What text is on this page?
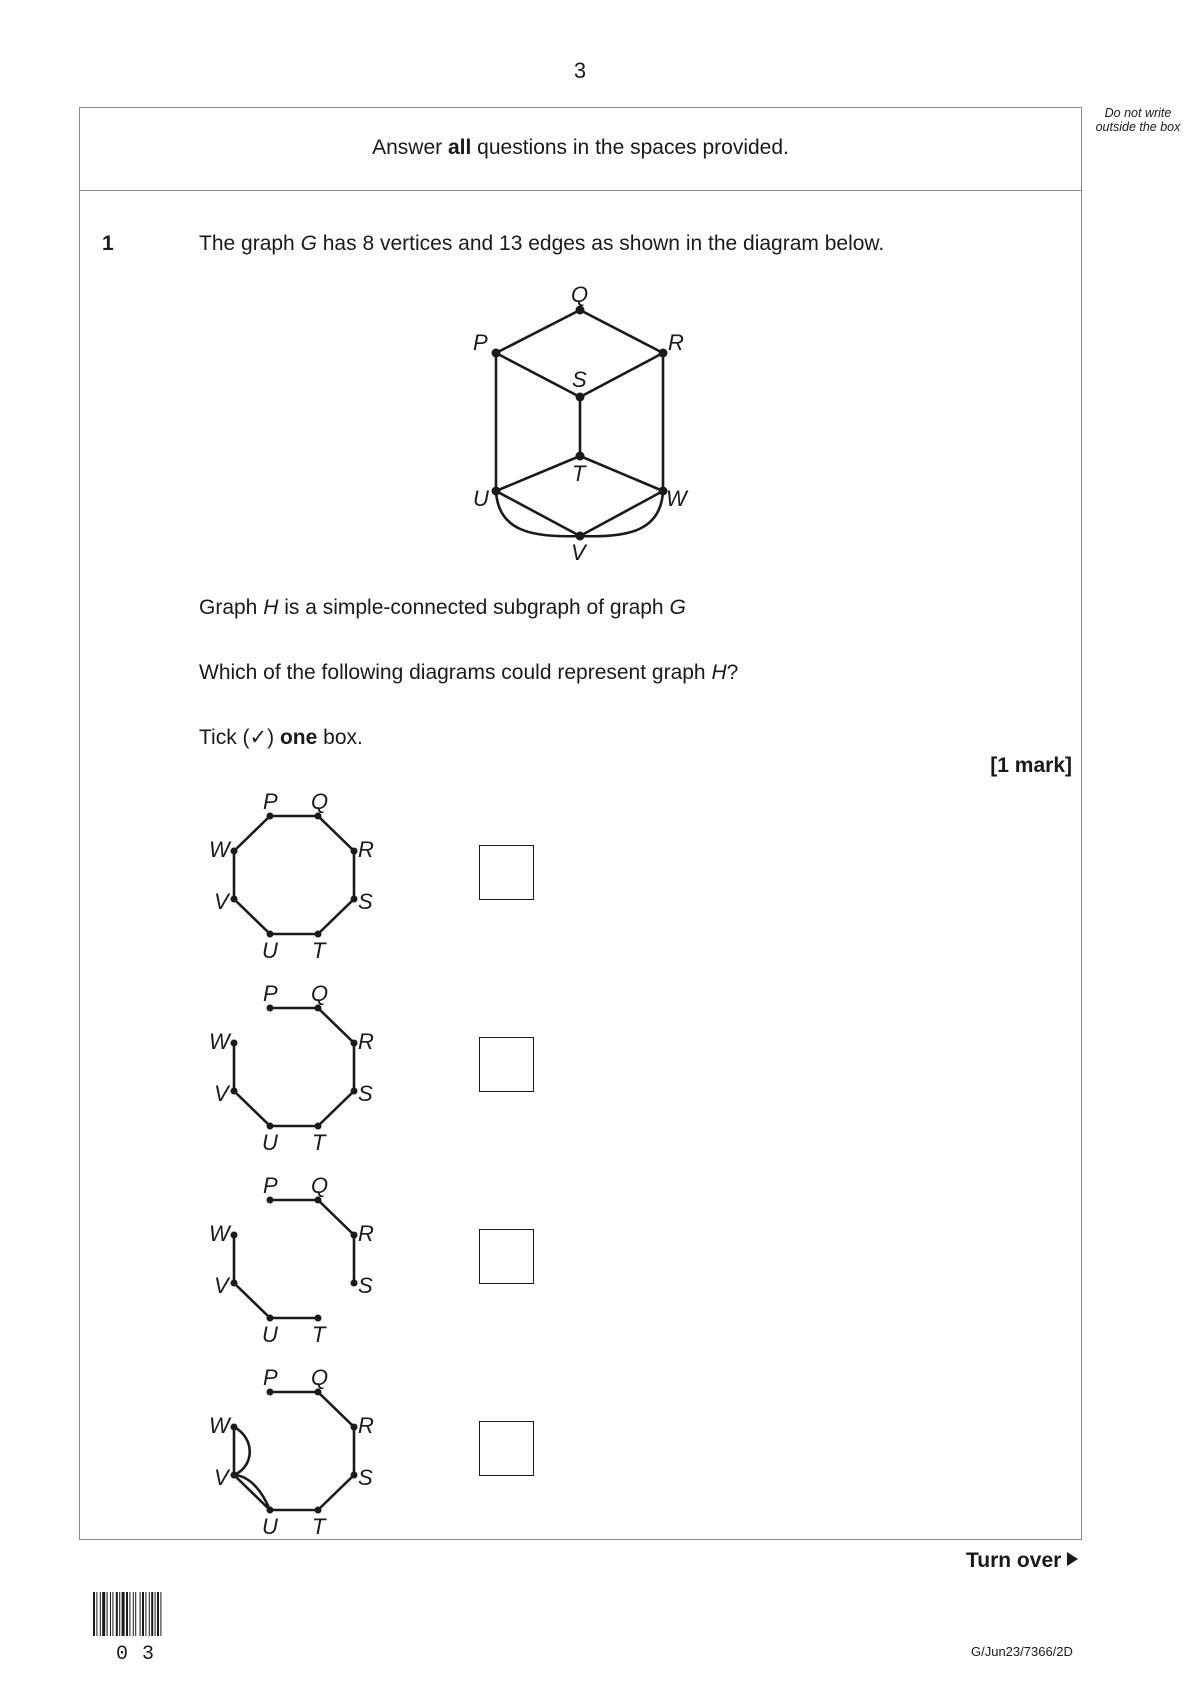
3
Do not write outside the box
Answer all questions in the spaces provided.
1	The graph G has 8 vertices and 13 edges as shown in the diagram below.
Q
P	R
S
T
U	W
V
Graph H is a simple-connected subgraph of graph G
Which of the following diagrams could represent graph H?
Tick (✓) one box.
[1 mark]
P Q
R
S
T
U
V
W
P Q
R
S
T
U
V
W
P Q
R
S
T
U
V
W
P Q
R
S
T
U
V
W
Turn over
03	G/Jun23/7366/2D
